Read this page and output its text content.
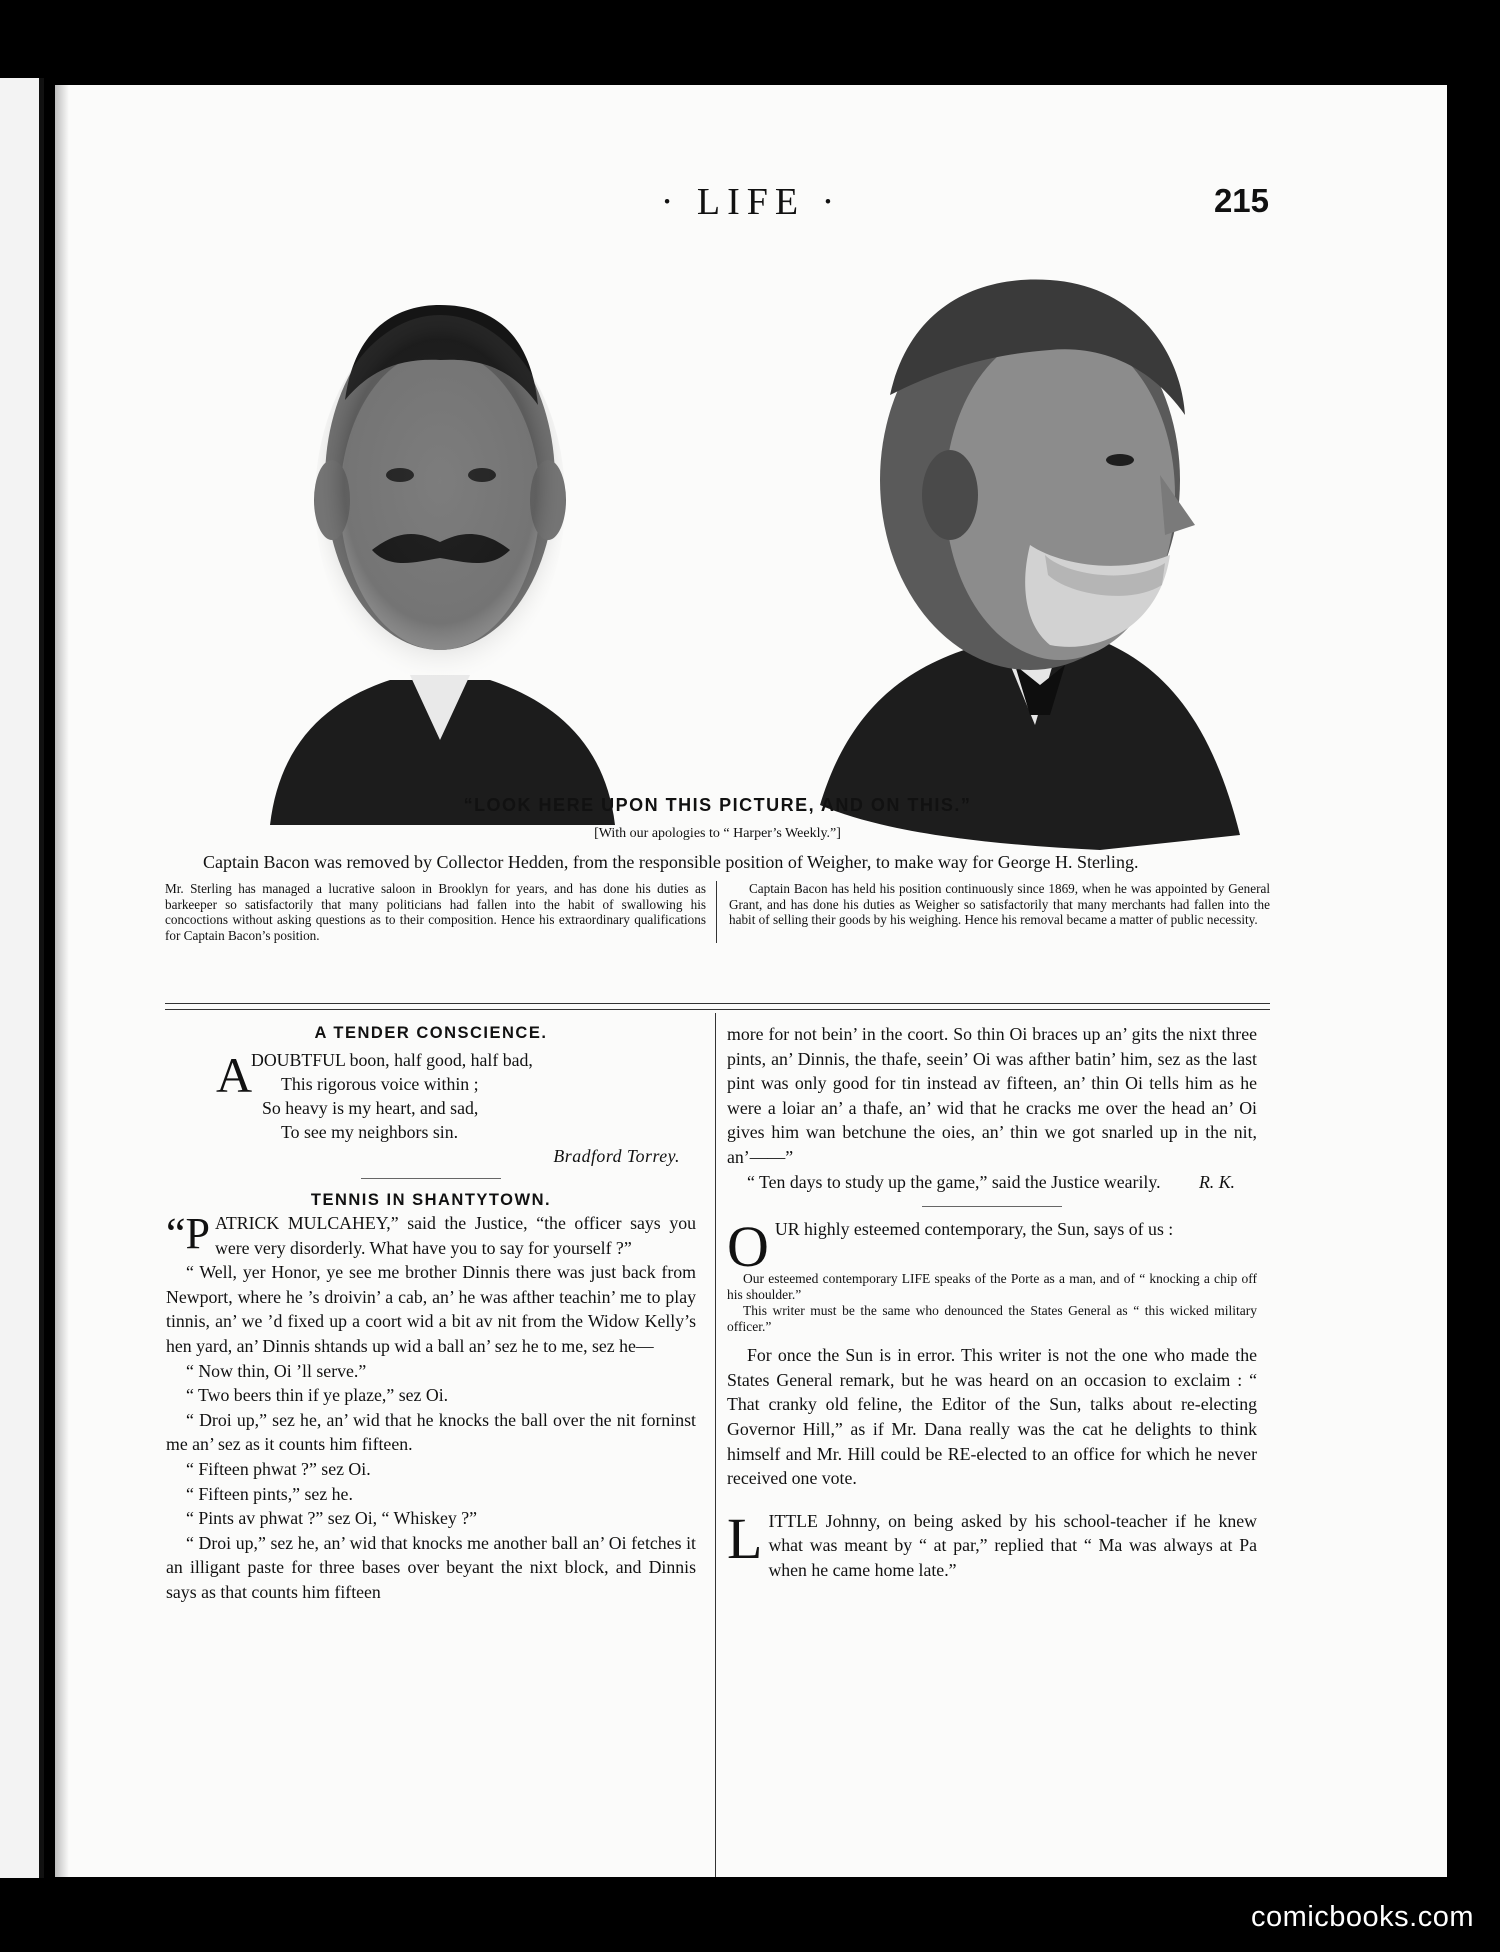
· LIFE ·	215
“LOOK HERE UPON THIS PICTURE, AND ON THIS.”
[With our apologies to “ Harper’s Weekly.”]

Captain Bacon was removed by Collector Hedden, from the responsible position of Weigher, to make way for George H. Sterling.

Mr. Sterling has managed a lucrative saloon in Brooklyn for years, and has done his duties as barkeeper so satisfactorily that many politicians had fallen into the habit of swallowing his concoctions without asking questions as to their composition. Hence his extraordinary qualifications for Captain Bacon’s position.

Captain Bacon has held his position continuously since 1869, when he was appointed by General Grant, and has done his duties as Weigher so satisfactorily that many merchants had fallen into the habit of selling their goods by his weighing. Hence his removal became a matter of public necessity.

A TENDER CONSCIENCE.
A
DOUBTFUL boon, half good, half bad,
This rigorous voice within ;
So heavy is my heart, and sad,
To see my neighbors sin.
Bradford Torrey.
TENNIS IN SHANTYTOWN.

“PATRICK MULCAHEY,” said the Justice, “the officer says you were very disorderly. What have you to say for yourself ?”

“ Well, yer Honor, ye see me brother Dinnis there was just back from Newport, where he ’s droivin’ a cab, an’ he was afther teachin’ me to play tinnis, an’ we ’d fixed up a coort wid a bit av nit from the Widow Kelly’s hen yard, an’ Dinnis shtands up wid a ball an’ sez he to me, sez he—

“ Now thin, Oi ’ll serve.”

“ Two beers thin if ye plaze,” sez Oi.

“ Droi up,” sez he, an’ wid that he knocks the ball over the nit forninst me an’ sez as it counts him fifteen.

“ Fifteen phwat ?” sez Oi.

“ Fifteen pints,” sez he.

“ Pints av phwat ?” sez Oi, “ Whiskey ?”

“ Droi up,” sez he, an’ wid that knocks me another ball an’ Oi fetches it an illigant paste for three bases over beyant the nixt block, and Dinnis says as that counts him fifteen

more for not bein’ in the coort. So thin Oi braces up an’ gits the nixt three pints, an’ Dinnis, the thafe, seein’ Oi was afther batin’ him, sez as the last pint was only good for tin instead av fifteen, an’ thin Oi tells him as he were a loiar an’ a thafe, an’ wid that he cracks me over the head an’ Oi gives him wan betchune the oies, an’ thin we got snarled up in the nit, an’——”

“ Ten days to study up the game,” said the Justice wearily.	R. K.

OUR highly esteemed contemporary, the Sun, says of us :

Our esteemed contemporary LIFE speaks of the Porte as a man, and of “ knocking a chip off his shoulder.”

This writer must be the same who denounced the States General as “ this wicked military officer.”

For once the Sun is in error. This writer is not the one who made the States General remark, but he was heard on an occasion to exclaim : “ That cranky old feline, the Editor of the Sun, talks about re-electing Governor Hill,” as if Mr. Dana really was the cat he delights to think himself and Mr. Hill could be RE-elected to an office for which he never received one vote.

LITTLE Johnny, on being asked by his school-teacher if he knew what was meant by “ at par,” replied that “ Ma was always at Pa when he came home late.”

comicbooks.com
